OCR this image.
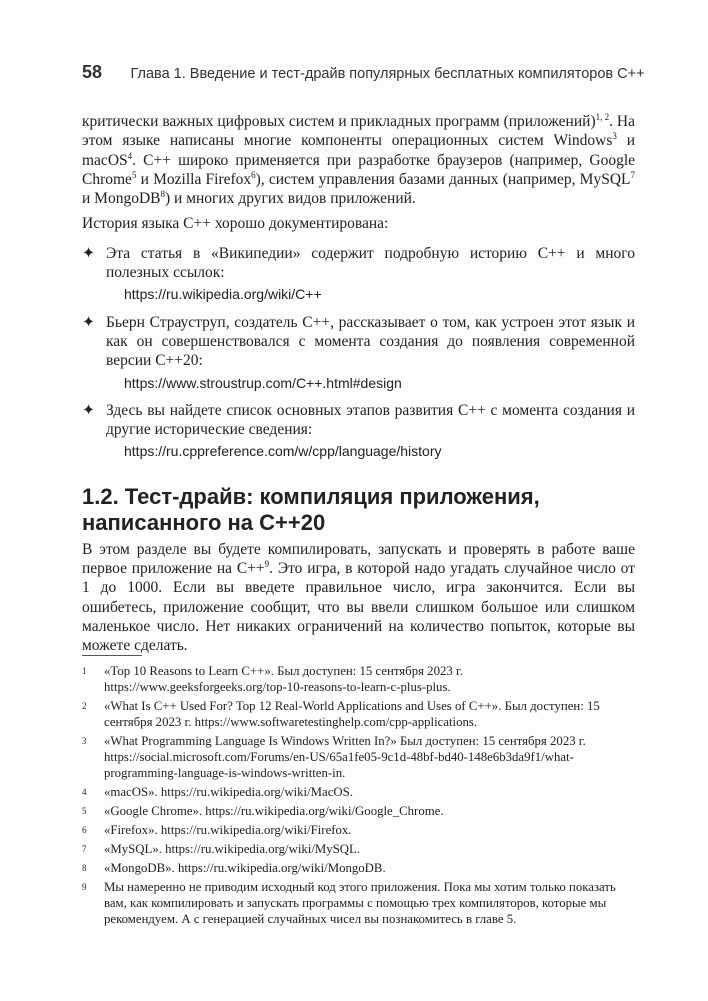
58 Глава 1. Введение и тест-драйв популярных бесплатных компиляторов C++

критически важных цифровых систем и прикладных программ (приложений)$^{1, 2}$. На этом языке написаны многие компоненты операционных систем Windows$^3$ и macOS$^4$. C++ широко применяется при разработке браузеров (например, Google Chrome$^5$ и Mozilla Firefox$^6$), систем управления базами данных (например, MySQL$^7$ и MongoDB$^8$) и многих других видов приложений.

История языка C++ хорошо документирована:

✦ Эта статья в «Википедии» содержит подробную историю C++ и много полезных ссылок:
https://ru.wikipedia.org/wiki/C++
✦ Бьерн Страуструп, создатель C++, рассказывает о том, как устроен этот язык и как он совершенствовался с момента создания до появления современной версии C++20:
https://www.stroustrup.com/C++.html#design
✦ Здесь вы найдете список основных этапов развития C++ с момента создания и другие исторические сведения:
https://ru.cppreference.com/w/cpp/language/history
1.2. Тест-драйв: компиляция приложения, написанного на C++20

В этом разделе вы будете компилировать, запускать и проверять в работе ваше первое приложение на C++$^9$. Это игра, в которой надо угадать случайное число от 1 до 1000. Если вы введете правильное число, игра закончится. Если вы ошибетесь, приложение сообщит, что вы ввели слишком большое или слишком маленькое число. Нет никаких ограничений на количество попыток, которые вы можете сделать.

1 «Top 10 Reasons to Learn C++». Был доступен: 15 сентября 2023 г. https://www.geeksforgeeks.org/top-10-reasons-to-learn-c-plus-plus.
2 «What Is C++ Used For? Top 12 Real-World Applications and Uses of C++». Был доступен: 15 сентября 2023 г. https://www.softwaretestinghelp.com/cpp-applications.
3 «What Programming Language Is Windows Written In?» Был доступен: 15 сентября 2023 г. https://social.microsoft.com/Forums/en-US/65a1fe05-9c1d-48bf-bd40-148e6b3da9f1/what-programming-language-is-windows-written-in.
4 «macOS». https://ru.wikipedia.org/wiki/MacOS.
5 «Google Chrome». https://ru.wikipedia.org/wiki/Google_Chrome.
6 «Firefox». https://ru.wikipedia.org/wiki/Firefox.
7 «MySQL». https://ru.wikipedia.org/wiki/MySQL.
8 «MongoDB». https://ru.wikipedia.org/wiki/MongoDB.
9 Мы намеренно не приводим исходный код этого приложения. Пока мы хотим только показать вам, как компилировать и запускать программы с помощью трех компиляторов, которые мы рекомендуем. А с генерацией случайных чисел вы познакомитесь в главе 5.
